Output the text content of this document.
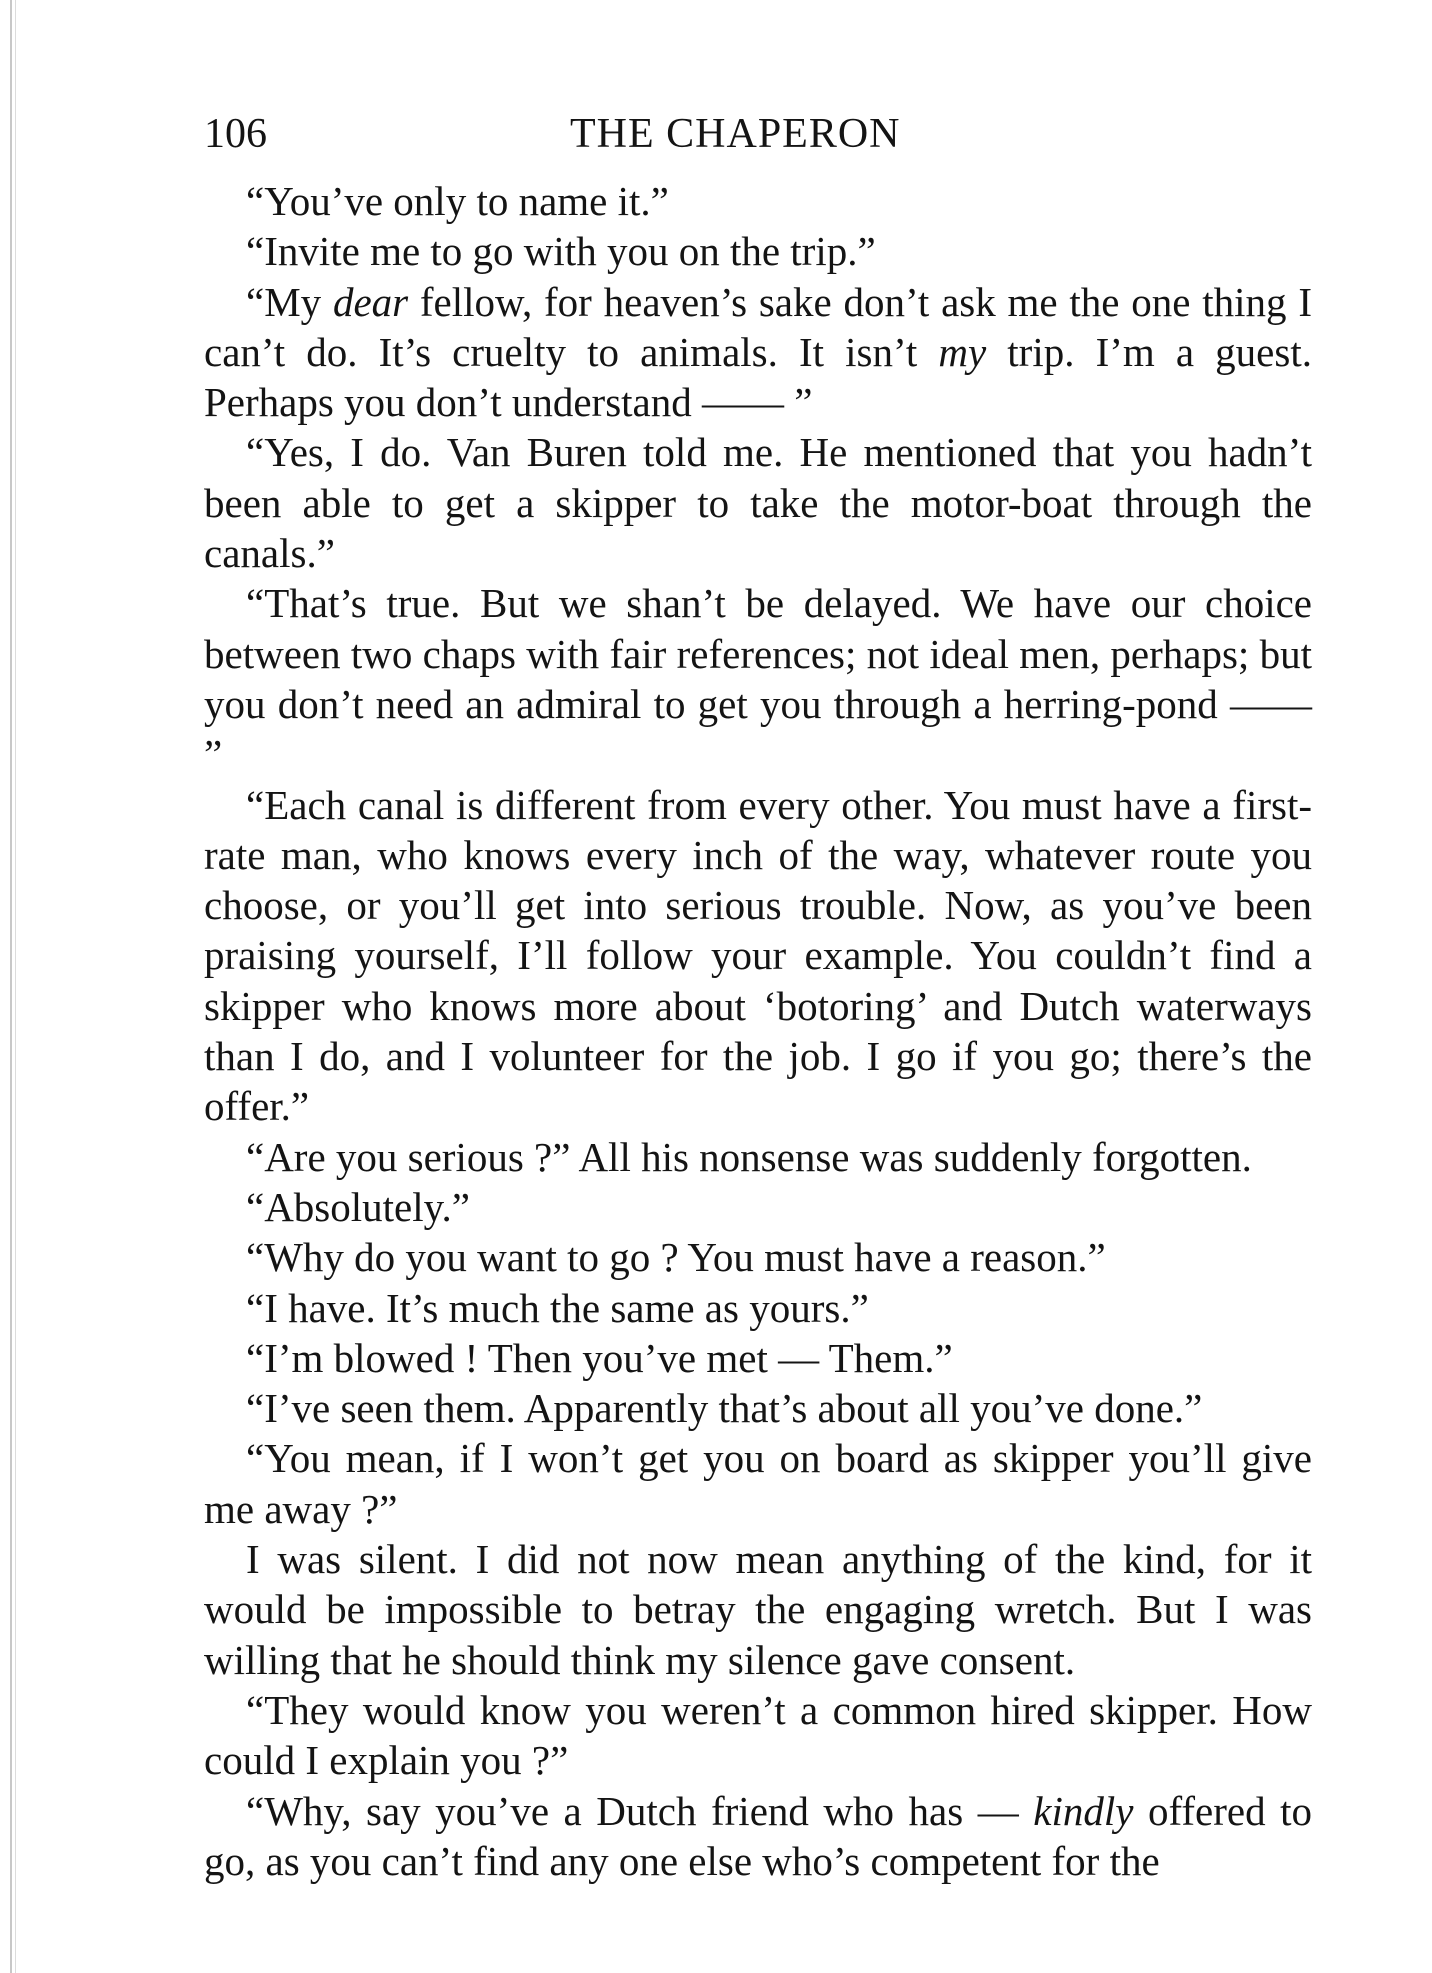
106	THE CHAPERON

“You’ve only to name it.”

“Invite me to go with you on the trip.”

“My dear fellow, for heaven’s sake don’t ask me the one thing I can’t do. It’s cruelty to animals. It isn’t my trip. I’m a guest. Perhaps you don’t understand —— ”

“Yes, I do. Van Buren told me. He mentioned that you hadn’t been able to get a skipper to take the motor-boat through the canals.”

“That’s true. But we shan’t be delayed. We have our choice between two chaps with fair references; not ideal men, perhaps; but you don’t need an admiral to get you through a herring-pond —— ”

“Each canal is different from every other. You must have a first-rate man, who knows every inch of the way, whatever route you choose, or you’ll get into serious trouble. Now, as you’ve been praising yourself, I’ll follow your example. You couldn’t find a skipper who knows more about ‘botoring’ and Dutch waterways than I do, and I volunteer for the job. I go if you go; there’s the offer.”

“Are you serious ?” All his nonsense was suddenly forgotten.

“Absolutely.”

“Why do you want to go ? You must have a reason.”

“I have. It’s much the same as yours.”

“I’m blowed ! Then you’ve met — Them.”

“I’ve seen them. Apparently that’s about all you’ve done.”

“You mean, if I won’t get you on board as skipper you’ll give me away ?”

I was silent. I did not now mean anything of the kind, for it would be impossible to betray the engaging wretch. But I was willing that he should think my silence gave consent.

“They would know you weren’t a common hired skipper. How could I explain you ?”

“Why, say you’ve a Dutch friend who has — kindly offered to go, as you can’t find any one else who’s competent for the
